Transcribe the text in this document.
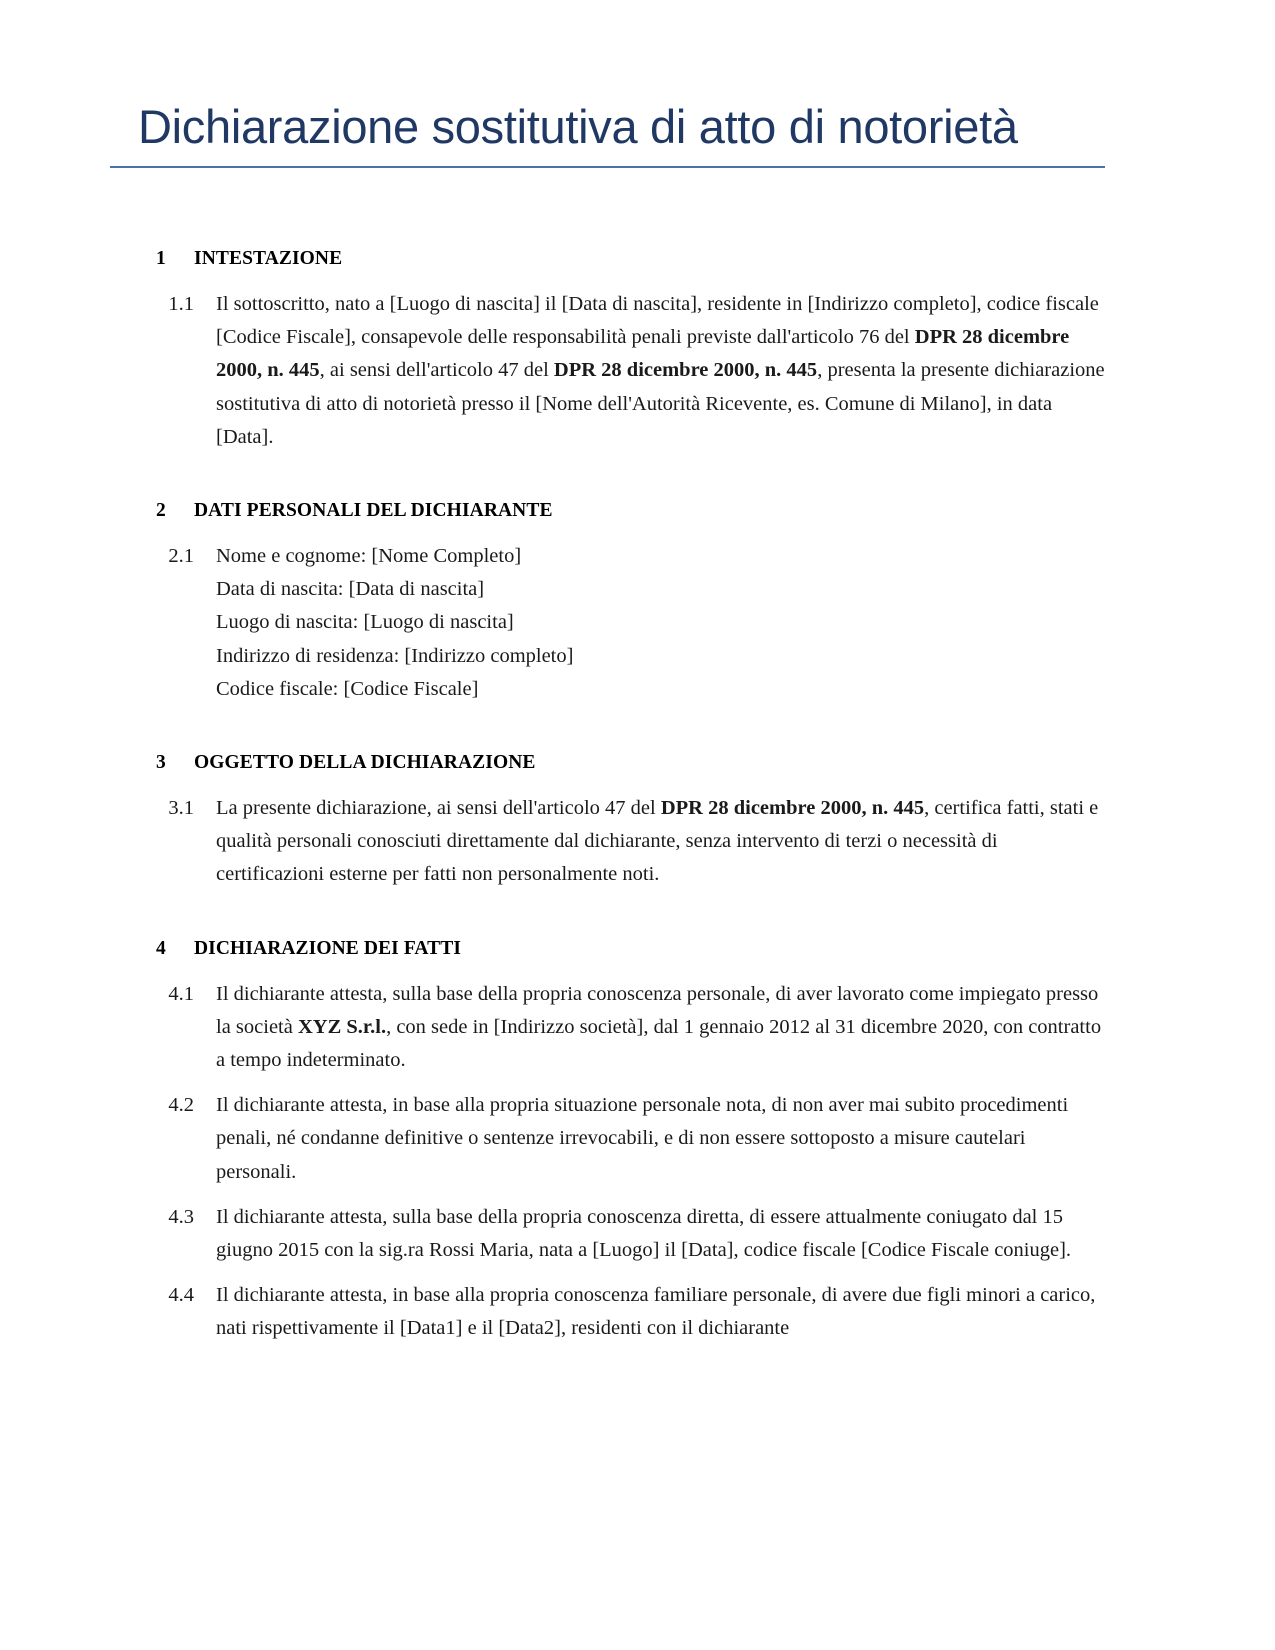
Dichiarazione sostitutiva di atto di notorietà
1	INTESTAZIONE
1.1	Il sottoscritto, nato a [Luogo di nascita] il [Data di nascita], residente in [Indirizzo completo], codice fiscale [Codice Fiscale], consapevole delle responsabilità penali previste dall'articolo 76 del DPR 28 dicembre 2000, n. 445, ai sensi dell'articolo 47 del DPR 28 dicembre 2000, n. 445, presenta la presente dichiarazione sostitutiva di atto di notorietà presso il [Nome dell'Autorità Ricevente, es. Comune di Milano], in data [Data].
2	DATI PERSONALI DEL DICHIARANTE
2.1 Nome e cognome: [Nome Completo]
Data di nascita: [Data di nascita]
Luogo di nascita: [Luogo di nascita]
Indirizzo di residenza: [Indirizzo completo]
Codice fiscale: [Codice Fiscale]
3	OGGETTO DELLA DICHIARAZIONE
3.1	La presente dichiarazione, ai sensi dell'articolo 47 del DPR 28 dicembre 2000, n. 445, certifica fatti, stati e qualità personali conosciuti direttamente dal dichiarante, senza intervento di terzi o necessità di certificazioni esterne per fatti non personalmente noti.
4	DICHIARAZIONE DEI FATTI
4.1	Il dichiarante attesta, sulla base della propria conoscenza personale, di aver lavorato come impiegato presso la società XYZ S.r.l., con sede in [Indirizzo società], dal 1 gennaio 2012 al 31 dicembre 2020, con contratto a tempo indeterminato.
4.2	Il dichiarante attesta, in base alla propria situazione personale nota, di non aver mai subito procedimenti penali, né condanne definitive o sentenze irrevocabili, e di non essere sottoposto a misure cautelari personali.
4.3	Il dichiarante attesta, sulla base della propria conoscenza diretta, di essere attualmente coniugato dal 15 giugno 2015 con la sig.ra Rossi Maria, nata a [Luogo] il [Data], codice fiscale [Codice Fiscale coniuge].
4.4	Il dichiarante attesta, in base alla propria conoscenza familiare personale, di avere due figli minori a carico, nati rispettivamente il [Data1] e il [Data2], residenti con il dichiarante
